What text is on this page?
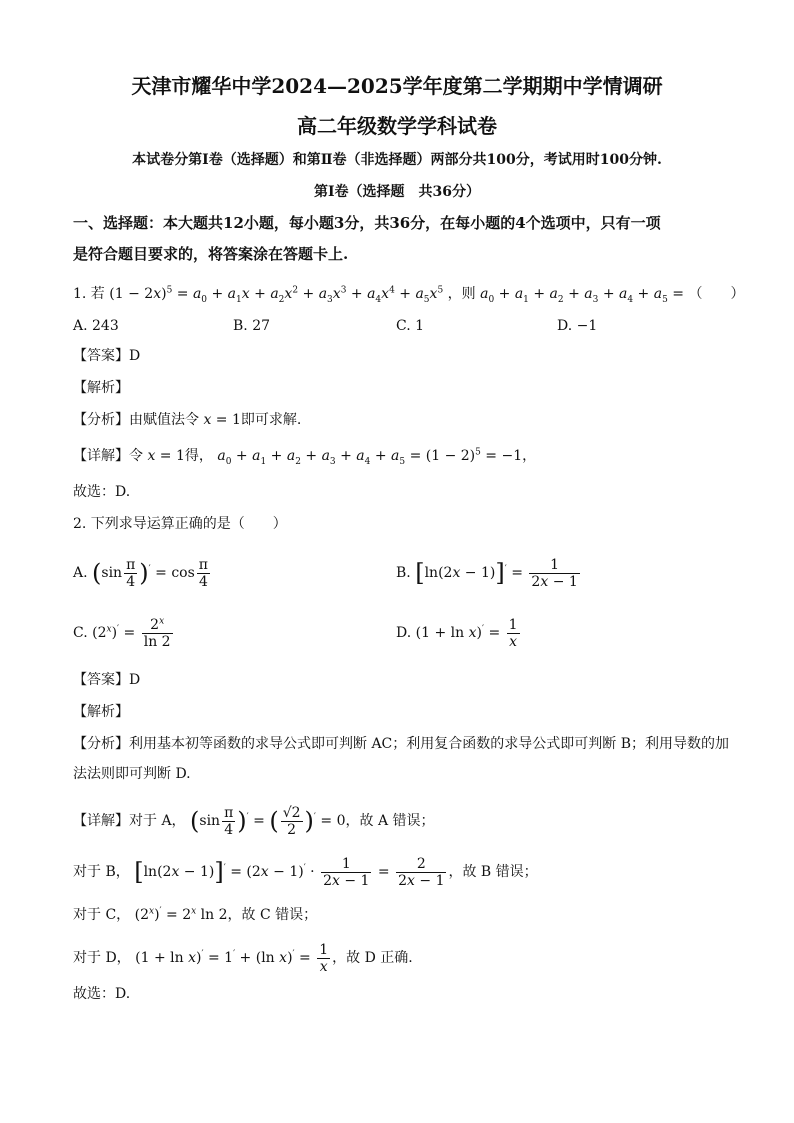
天津市耀华中学2024—2025学年度第二学期期中学情调研
高二年级数学学科试卷
本试卷分第Ⅰ卷（选择题）和第Ⅱ卷（非选择题）两部分共100分，考试用时100分钟.
第Ⅰ卷（选择题　共36分）
一、选择题：本大题共12小题，每小题3分，共36分，在每小题的4个选项中，只有一项
是符合题目要求的，将答案涂在答题卡上.
1. 若 $(1 - 2x)^5 = a_0 + a_1x + a_2x^2 + a_3x^3 + a_4x^4 + a_5x^5$ ，则 $a_0 + a_1 + a_2 + a_3 + a_4 + a_5$ = （　　）
A. 243	B. 27	C. 1	D. −1
【答案】D
【解析】
【分析】由赋值法令 x = 1即可求解.
【详解】令 x = 1得， $a_0 + a_1 + a_2 + a_3 + a_4 + a_5 = (1 - 2)^5 = -1$，
故选：D.
2. 下列求导运算正确的是（　　）
A. $(\sin \frac{\pi}{4} )' = \cos \frac{\pi}{4}$	B. $[\ln(2x - 1)]' = \frac{1}{2x - 1}$
C. $(2^x)' = \frac{2^x}{\ln 2}$	D. $(1 + \ln x)' = \frac{1}{x}$
【答案】D
【解析】
【分析】利用基本初等函数的求导公式即可判断 AC；利用复合函数的求导公式即可判断 B；利用导数的加
法法则即可判断 D.
【详解】对于 A， $(\sin \frac{\pi}{4} )'$ = ( $\frac{√2}{2} )' = 0$，故 A 错误；
对于 B， $[\ln(2x - 1)]' = (2x - 1)' \cdot \frac{1}{2x - 1} = \frac{2}{2x - 1}$ ，故 B 错误；
对于 C， $(2^x)' = 2^x$ ln 2，故 C 错误；
对于 D， (1 + ln x)′ = 1′ + (ln $x)' = \frac{1}{x}$ ，故 D 正确.
故选：D.
